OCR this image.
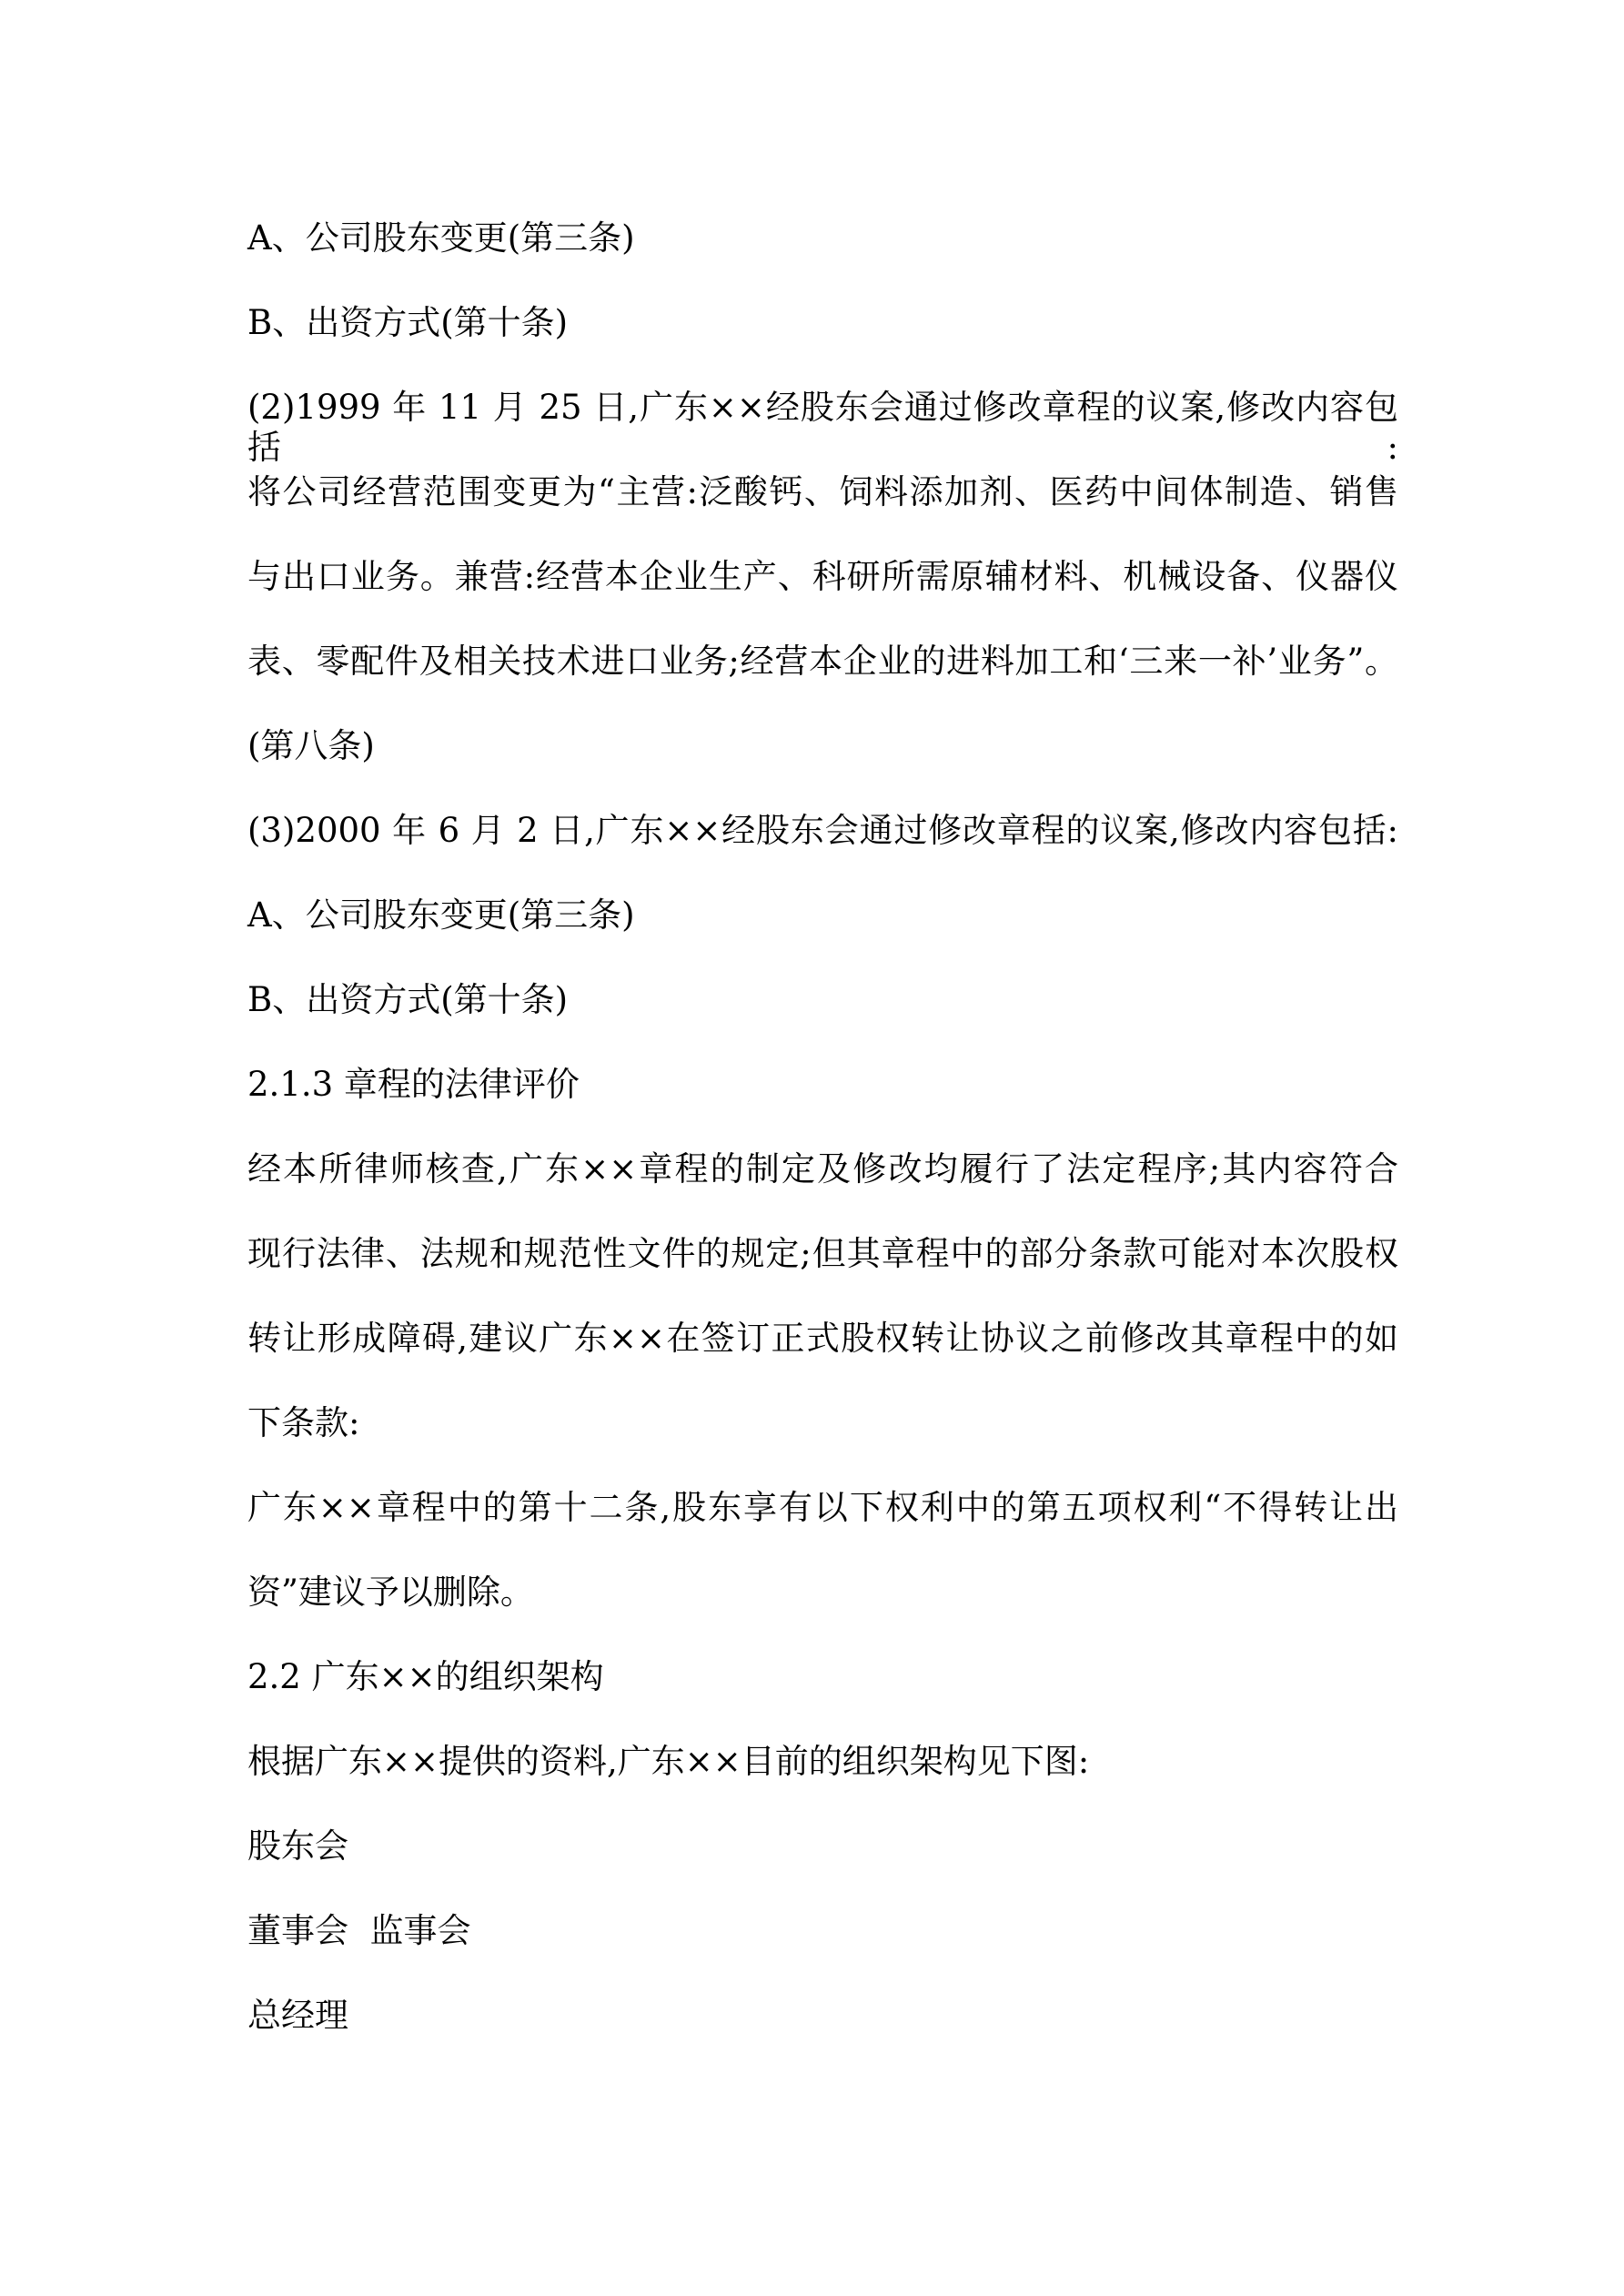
A、公司股东变更(第三条)
B、出资方式(第十条)
(2)1999 年 11 月 25 日,广东××经股东会通过修改章程的议案,修改内容包括:
将公司经营范围变更为“主营:泛酸钙、饲料添加剂、医药中间体制造、销售
与出口业务。兼营:经营本企业生产、科研所需原辅材料、机械设备、仪器仪
表、零配件及相关技术进口业务;经营本企业的进料加工和‘三来一补’业务”。
(第八条)
(3)2000 年 6 月 2 日,广东××经股东会通过修改章程的议案,修改内容包括:
A、公司股东变更(第三条)
B、出资方式(第十条)
2.1.3 章程的法律评价
经本所律师核查,广东××章程的制定及修改均履行了法定程序;其内容符合
现行法律、法规和规范性文件的规定;但其章程中的部分条款可能对本次股权
转让形成障碍,建议广东××在签订正式股权转让协议之前修改其章程中的如
下条款:
广东××章程中的第十二条,股东享有以下权利中的第五项权利“不得转让出
资”建议予以删除。
2.2 广东××的组织架构
根据广东××提供的资料,广东××目前的组织架构见下图:
股东会
董事会  监事会
总经理
